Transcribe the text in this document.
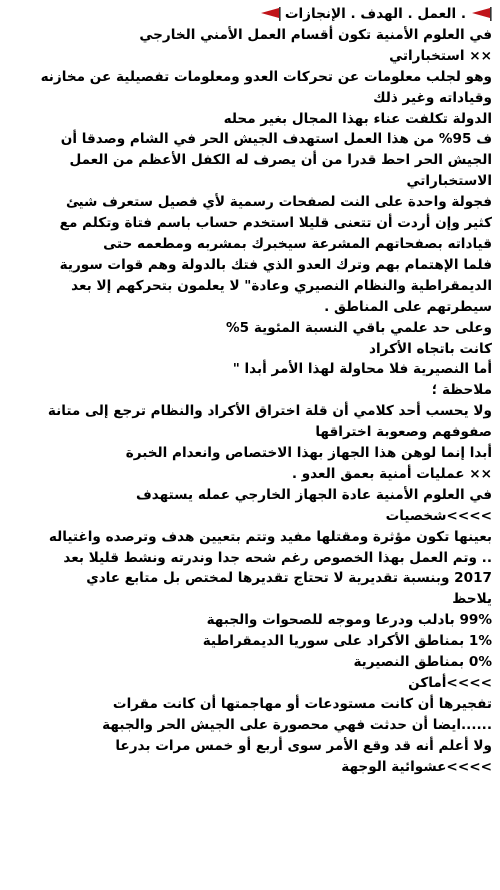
. العمل . الهدف . الإنجازات
في العلوم الأمنية تكون أقسام العمل الأمني الخارجي
×× استخباراتي
وهو لجلب معلومات عن تحركات العدو ومعلومات تفصيلية عن مخازنه
وقياداته وغير ذلك
الدولة تكلفت عناء بهذا المجال بغير محله
ف 95% من هذا العمل استهدف الجيش الحر في الشام وصدقا أن
الجيش الحر احط قدرا من أن يصرف له الكفل الأعظم من العمل
الاستخباراتي
فجولة واحدة على النت لصفحات رسمية لأي فصيل ستعرف شيئ
كثير وإن أردت أن تتعنى قليلا استخدم حساب باسم فتاة وتكلم مع
قياداته بصفحاتهم المشرعة سيخبرك بمشربه ومطعمه حتى
فلما الإهتمام بهم وترك العدو الذي فتك بالدولة وهم قوات سورية
الديمقراطية والنظام النصيري وعادة" لا يعلمون بتحركهم إلا بعد
سيطرتهم على المناطق .
وعلى حد علمي باقي النسبة المئوية 5%
كانت باتجاه الأكراد
أما النصيرية فلا محاولة لهذا الأمر أبدا "
ملاحظة ؛
ولا يحسب أحد كلامي أن قلة اختراق الأكراد والنظام ترجع إلى متانة
صفوفهم وصعوبة اختراقها
أبدا إنما لوهن هذا الجهاز بهذا الاختصاص وانعدام الخبرة
×× عمليات أمنية بعمق العدو .
في العلوم الأمنية عادة الجهاز الخارجي عمله يستهدف
>>>>شخصيات
بعينها تكون مؤثرة ومقتلها مفيد وتتم بتعيين هدف وترصده واغتياله
.. وتم العمل بهذا الخصوص رغم شحه جدا وندرته ونشط قليلا بعد
2017 وبنسبة تقديرية لا تحتاج تقديرها لمختص بل متابع عادي
يلاحظ
99% بادلب ودرعا وموجه للصحوات والجبهة
1% بمناطق الأكراد على سوريا الديمقراطية
0% بمناطق النصيرية
>>>>أماكن
تفجيرها أن كانت مستودعات أو مهاجمتها أن كانت مقرات
......ايضا أن حدثت فهي محصورة على الجيش الحر والجبهة
ولا أعلم أنه قد وقع الأمر سوى أربع أو خمس مرات بدرعا
>>>>عشوائية الوجهة
